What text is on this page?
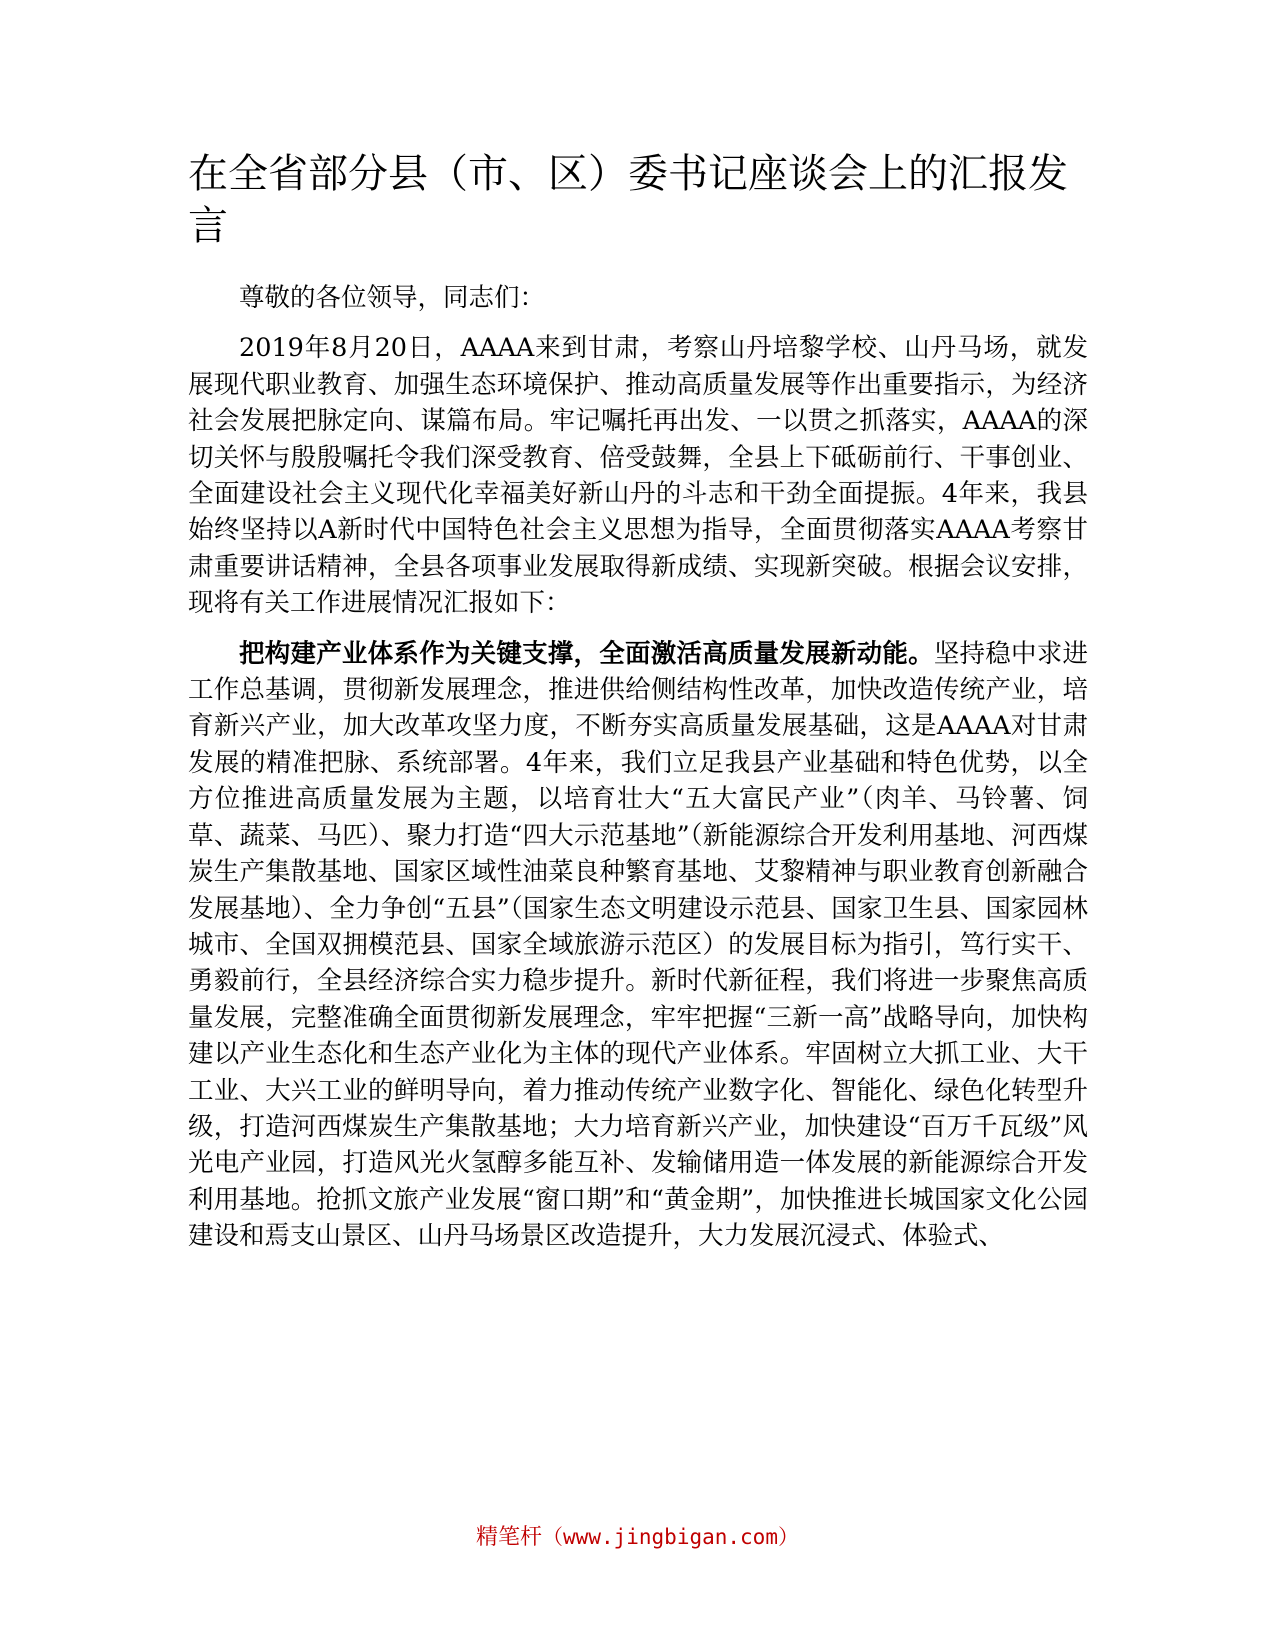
在全省部分县（市、区）委书记座谈会上的汇报发言

尊敬的各位领导，同志们：

2019年8月20日，AAAA来到甘肃，考察山丹培黎学校、山丹马场，就发展现代职业教育、加强生态环境保护、推动高质量发展等作出重要指示，为经济社会发展把脉定向、谋篇布局。牢记嘱托再出发、一以贯之抓落实，AAAA的深切关怀与殷殷嘱托令我们深受教育、倍受鼓舞，全县上下砥砺前行、干事创业、全面建设社会主义现代化幸福美好新山丹的斗志和干劲全面提振。4年来，我县始终坚持以A新时代中国特色社会主义思想为指导，全面贯彻落实AAAA考察甘肃重要讲话精神，全县各项事业发展取得新成绩、实现新突破。根据会议安排，现将有关工作进展情况汇报如下：

把构建产业体系作为关键支撑，全面激活高质量发展新动能。坚持稳中求进工作总基调，贯彻新发展理念，推进供给侧结构性改革，加快改造传统产业，培育新兴产业，加大改革攻坚力度，不断夯实高质量发展基础，这是AAAA对甘肃发展的精准把脉、系统部署。4年来，我们立足我县产业基础和特色优势，以全方位推进高质量发展为主题，以培育壮大“五大富民产业”（肉羊、马铃薯、饲草、蔬菜、马匹）、聚力打造“四大示范基地”（新能源综合开发利用基地、河西煤炭生产集散基地、国家区域性油菜良种繁育基地、艾黎精神与职业教育创新融合发展基地）、全力争创“五县”（国家生态文明建设示范县、国家卫生县、国家园林城市、全国双拥模范县、国家全域旅游示范区）的发展目标为指引，笃行实干、勇毅前行，全县经济综合实力稳步提升。新时代新征程，我们将进一步聚焦高质量发展，完整准确全面贯彻新发展理念，牢牢把握“三新一高”战略导向，加快构建以产业生态化和生态产业化为主体的现代产业体系。牢固树立大抓工业、大干工业、大兴工业的鲜明导向，着力推动传统产业数字化、智能化、绿色化转型升级，打造河西煤炭生产集散基地；大力培育新兴产业，加快建设“百万千瓦级”风光电产业园，打造风光火氢醇多能互补、发输储用造一体发展的新能源综合开发利用基地。抢抓文旅产业发展“窗口期”和“黄金期”，加快推进长城国家文化公园建设和焉支山景区、山丹马场景区改造提升，大力发展沉浸式、体验式、

精笔杆（www.jingbigan.com）
